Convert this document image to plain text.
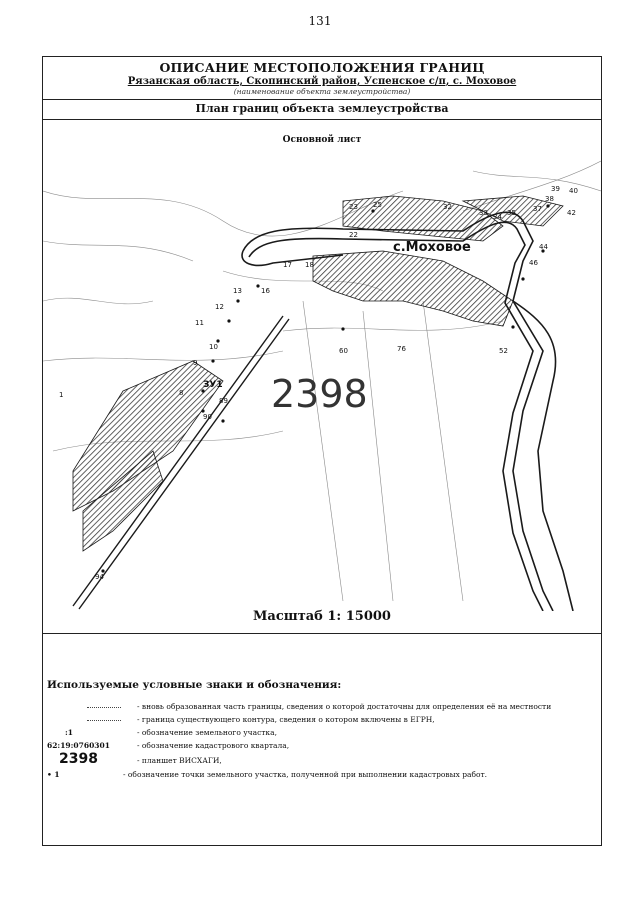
131
ОПИСАНИЕ МЕСТОПОЛОЖЕНИЯ ГРАНИЦ
Рязанская область, Скопинский район, Успенское с/п, с. Моховое
(наименование объекта землеустройства)
План границ объекта землеустройства
Основной лист
1	8
9
10
11
12
13	16
17 18
22
23 25	32
33 34 35 37
38
39 40
42
44
46
52
60	76
89
90
94
с.Моховое
ЗУ1 2398
Масштаб 1: 15000
Используемые условные знаки и обозначения:
- вновь образованная часть границы, сведения о которой достаточны для определения её на местности
- граница существующего контура, сведения о котором включены в ЕГРН,
:1	- обозначение земельного участка,
62:19:0760301	- обозначение кадастрового квартала,
2398	- планшет ВИСХАГИ,
• 1	- обозначение точки земельного участка, полученной при выполнении кадастровых работ.
